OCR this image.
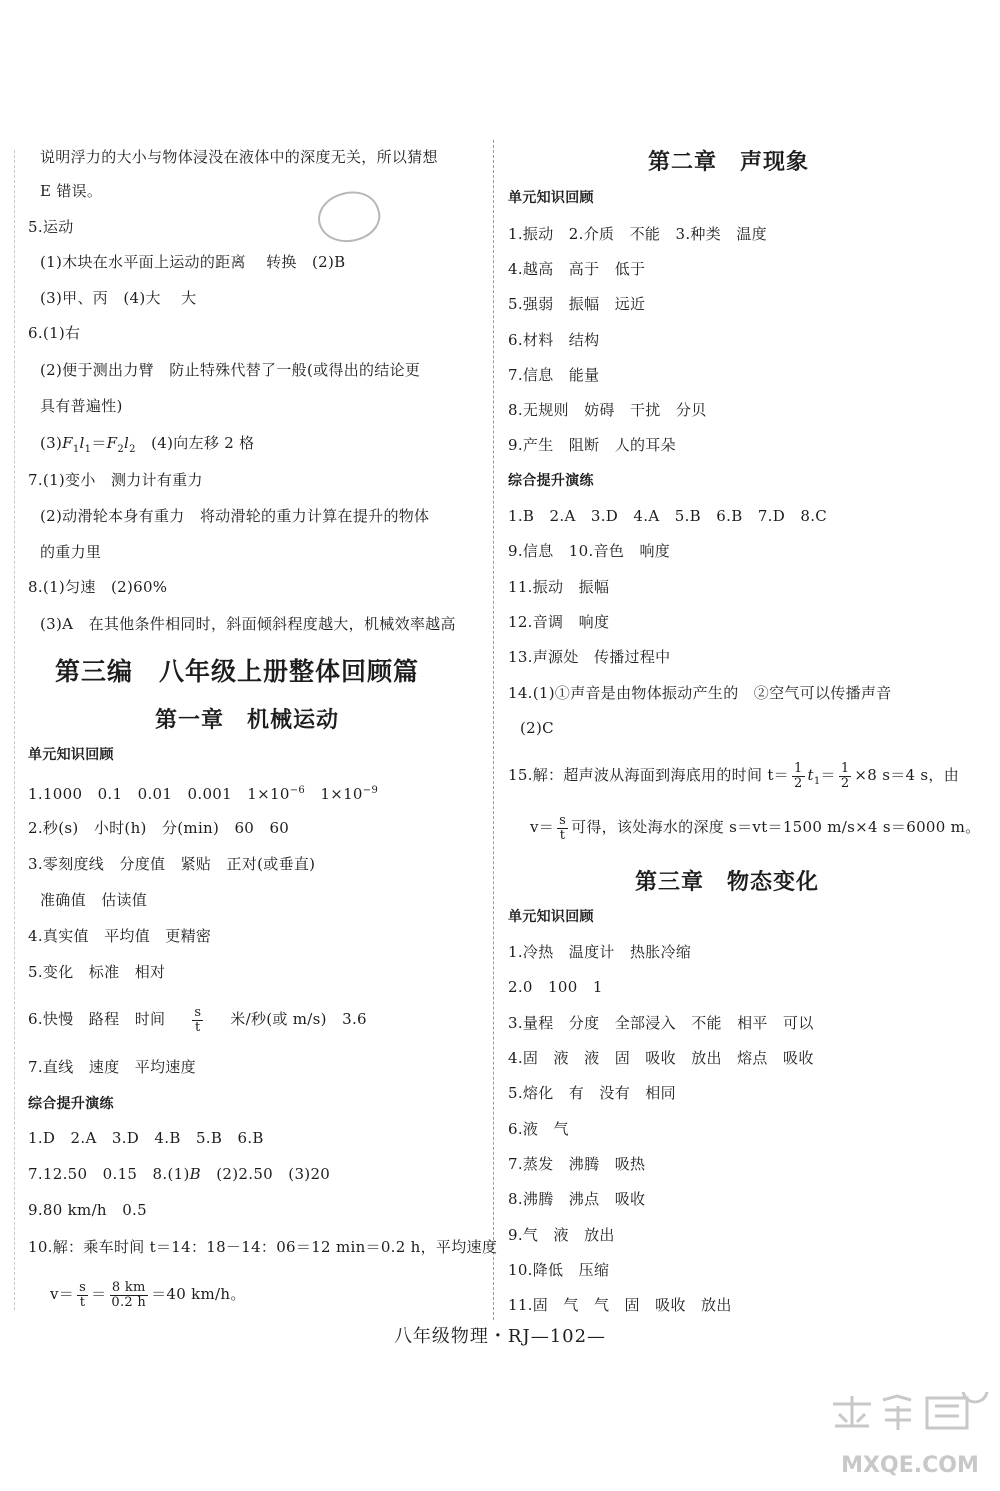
说明浮力的大小与物体浸没在液体中的深度无关，所以猜想
E 错误。
5.运动
(1)木块在水平面上运动的距离　 转换　(2)B
(3)甲、丙　(4)大　 大
6.(1)右
(2)便于测出力臂　防止特殊代替了一般(或得出的结论更
具有普遍性)
$(3)F_1l_1=F_2l_2$　 (4)向左移 2 格
7.(1)变小　测力计有重力
(2)动滑轮本身有重力　将动滑轮的重力计算在提升的物体
的重力里
8.(1)匀速　(2)60%
(3)A　在其他条件相同时，斜面倾斜程度越大，机械效率越高
第三编　八年级上册整体回顾篇
第一章　机械运动
单元知识回顾
1.1000　0.1　0.01　0.001　 $1\times 10^{-6}$　 $1\times 10^{-9}$
2.秒(s)　小时(h)　分(min)　60　60
3.零刻度线　分度值　紧贴　正对(或垂直)
准确值　估读值
4.真实值　平均值　更精密
5.变化　标准　相对
6.快慢　路程　时间 $\frac{s}{t}$ 米/秒(或 m/s)　3.6
7.直线　速度　平均速度
综合提升演练
1.D　2.A　3.D　4.B　5.B　6.B
7.12.50　0.15　8.(1)B　 (2)2.50　(3)20
9.80 km/h　0.5
10.解：乘车时间 t＝14：18－14：06＝12 min＝0.2 h，平均速度
$v= \frac{s}{t} = \frac{8 km}{0.2 h} =40$ km/h。
第二章　声现象
单元知识回顾
1.振动　2.介质　不能　3.种类　温度
4.越高　高于　低于
5.强弱　振幅　远近
6.材料　结构
7.信息　能量
8.无规则　妨碍　干扰　分贝
9.产生　阻断　人的耳朵
综合提升演练
1.B　2.A　3.D　4.A　5.B　6.B　7.D　8.C
9.信息　10.音色　响度
11.振动　振幅
12.音调　响度
13.声源处　传播过程中
14.(1)①声音是由物体振动产生的　②空气可以传播声音
(2)C
15.解：超声波从海面到海底用的时间 $t= \frac{1}{2} t_1= \frac{1}{2} \times 8$ s＝4 s，由
$v= \frac{s}{t}$ 可得，该处海水的深度 s＝vt＝1500 m/s×4 s＝6000 m。
第三章　物态变化
单元知识回顾
1.冷热　温度计　热胀冷缩
2.0　100　1
3.量程　分度　全部浸入　不能　相平　可以
4.固　液　液　固　吸收　放出　熔点　吸收
5.熔化　有　没有　相同
6.液　气
7.蒸发　沸腾　吸热
8.沸腾　沸点　吸收
9.气　液　放出
10.降低　压缩
11.固　气　气　固　吸收　放出
八年级物理・RJ—102—
MXQE.COM
